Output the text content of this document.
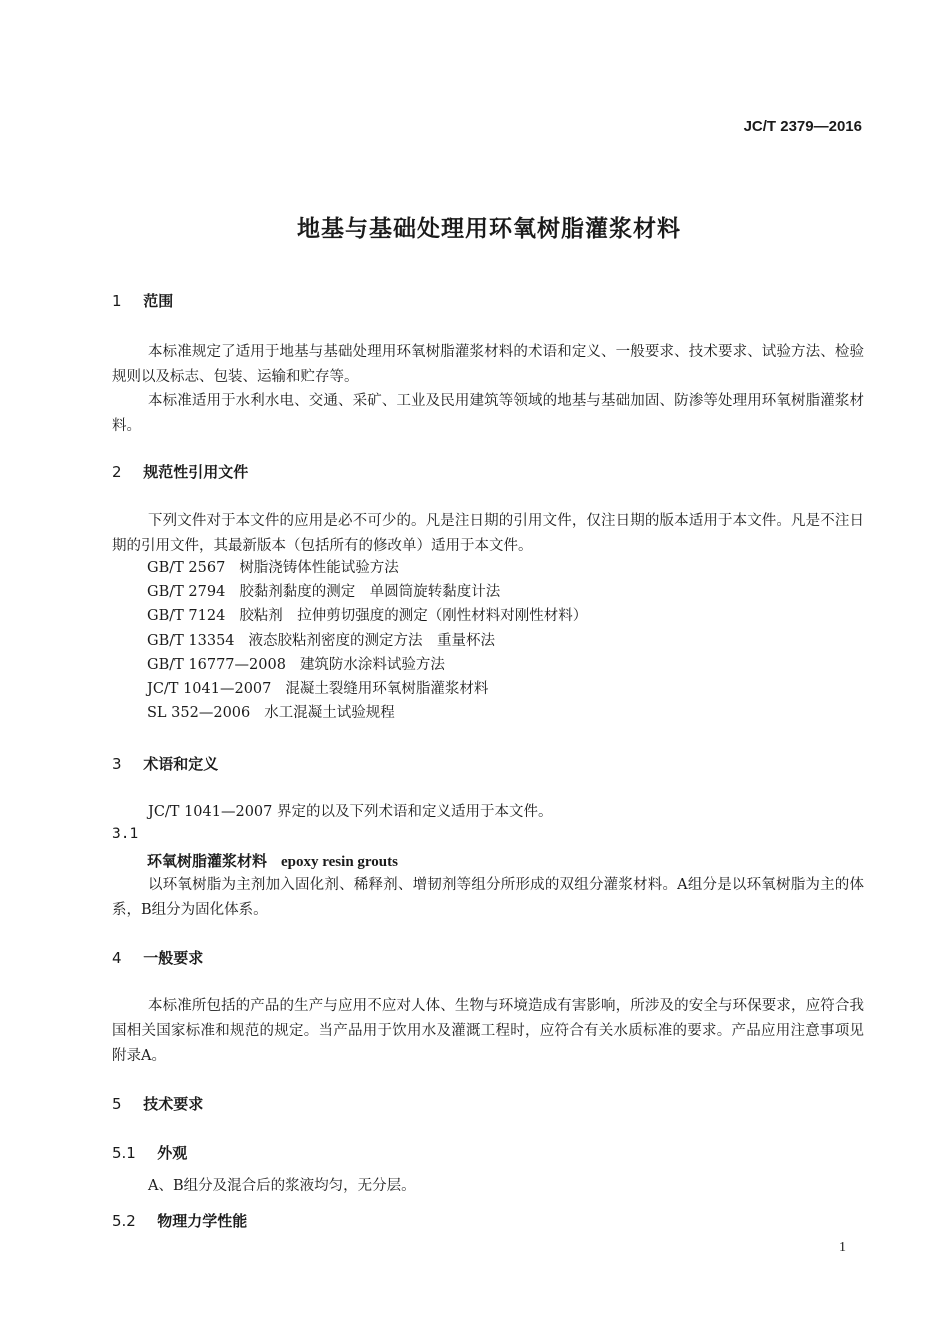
JC/T 2379—2016
地基与基础处理用环氧树脂灌浆材料
1 范围
本标准规定了适用于地基与基础处理用环氧树脂灌浆材料的术语和定义、一般要求、技术要求、试验方法、检验规则以及标志、包装、运输和贮存等。
本标准适用于水利水电、交通、采矿、工业及民用建筑等领域的地基与基础加固、防渗等处理用环氧树脂灌浆材料。
2 规范性引用文件
下列文件对于本文件的应用是必不可少的。凡是注日期的引用文件，仅注日期的版本适用于本文件。凡是不注日期的引用文件，其最新版本（包括所有的修改单）适用于本文件。
GB/T 2567 树脂浇铸体性能试验方法
GB/T 2794 胶黏剂黏度的测定　单圆筒旋转黏度计法
GB/T 7124 胶粘剂　拉伸剪切强度的测定（刚性材料对刚性材料）
GB/T 13354 液态胶粘剂密度的测定方法　重量杯法
GB/T 16777—2008 建筑防水涂料试验方法
JC/T 1041—2007 混凝土裂缝用环氧树脂灌浆材料
SL 352—2006 水工混凝土试验规程
3 术语和定义
JC/T 1041—2007 界定的以及下列术语和定义适用于本文件。
3.1
环氧树脂灌浆材料 epoxy resin grouts
以环氧树脂为主剂加入固化剂、稀释剂、增韧剂等组分所形成的双组分灌浆材料。A组分是以环氧树脂为主的体系，B组分为固化体系。
4 一般要求
本标准所包括的产品的生产与应用不应对人体、生物与环境造成有害影响，所涉及的安全与环保要求，应符合我国相关国家标准和规范的规定。当产品用于饮用水及灌溉工程时，应符合有关水质标准的要求。产品应用注意事项见附录A。
5 技术要求
5.1 外观
A、B组分及混合后的浆液均匀，无分层。
5.2 物理力学性能
1
